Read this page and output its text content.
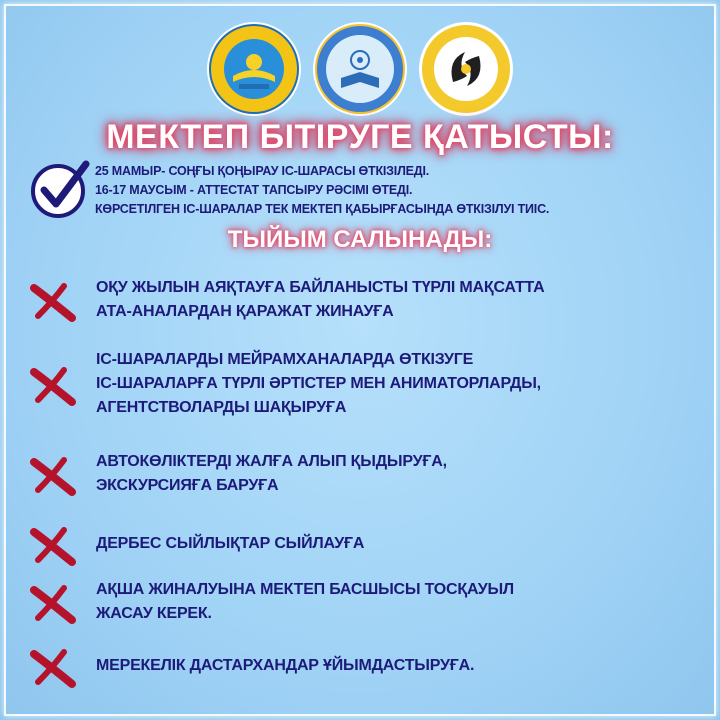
МЕКТЕП БІТІРУГЕ ҚАТЫСТЫ:
25 МАМЫР- СОҢҒЫ ҚОҢЫРАУ ІС-ШАРАСЫ ӨТКІЗІЛЕДІ.
16-17 МАУСЫМ - АТТЕСТАТ ТАПСЫРУ РӘСІМІ ӨТЕДІ.
КӨРСЕТІЛГЕН ІС-ШАРАЛАР ТЕК МЕКТЕП ҚАБЫРҒАСЫНДА ӨТКІЗІЛУІ ТИІС.
ТЫЙЫМ САЛЫНАДЫ:
ОҚУ ЖЫЛЫН АЯҚТАУҒА БАЙЛАНЫСТЫ ТҮРЛІ МАҚСАТТА
АТА-АНАЛАРДАН ҚАРАЖАТ ЖИНАУҒА
ІС-ШАРАЛАРДЫ МЕЙРАМХАНАЛАРДА ӨТКІЗУГЕ
ІС-ШАРАЛАРҒА ТҮРЛІ ӘРТІСТЕР МЕН АНИМАТОРЛАРДЫ,
АГЕНТСТВОЛАРДЫ ШАҚЫРУҒА
АВТОКӨЛІКТЕРДІ ЖАЛҒА АЛЫП ҚЫДЫРУҒА,
ЭКСКУРСИЯҒА БАРУҒА
ДЕРБЕС СЫЙЛЫҚТАР СЫЙЛАУҒА
АҚША ЖИНАЛУЫНА МЕКТЕП БАСШЫСЫ ТОСҚАУЫЛ
ЖАСАУ КЕРЕК.
МЕРЕКЕЛІК ДАСТАРХАНДАР ҰЙЫМДАСТЫРУҒА.
